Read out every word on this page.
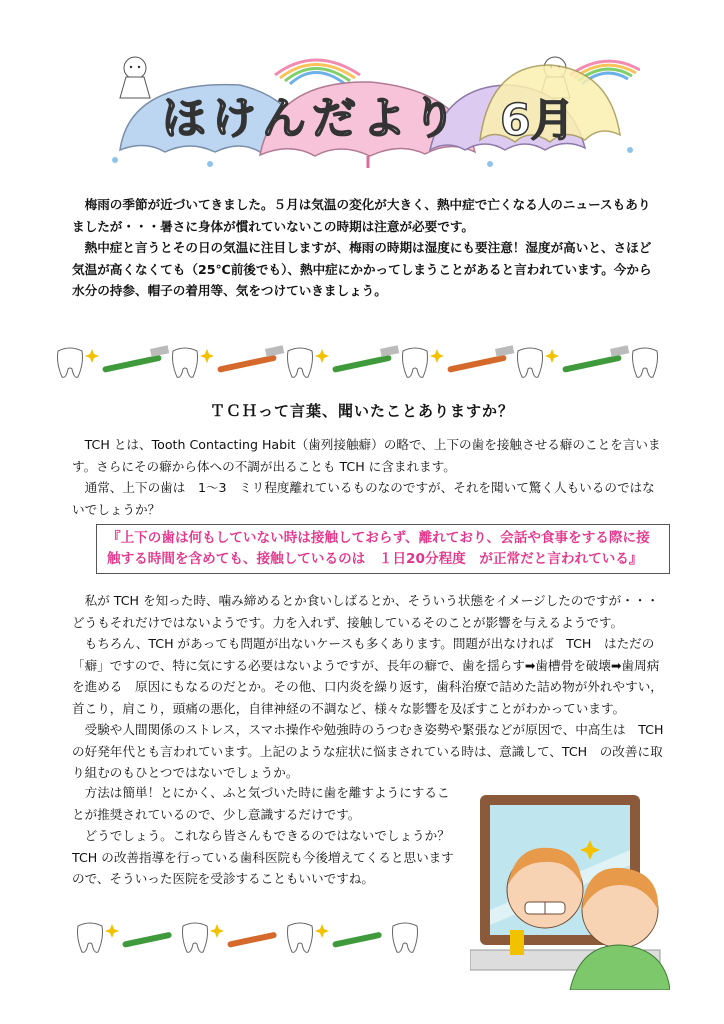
ほけんだより 6月

梅雨の季節が近づいてきました。５月は気温の変化が大きく、熱中症で亡くなる人のニュースもありましたが・・・暑さに身体が慣れていないこの時期は注意が必要です。

熱中症と言うとその日の気温に注目しますが、梅雨の時期は湿度にも要注意！湿度が高いと、さほど気温が高くなくても（25℃前後でも）、熱中症にかかってしまうことがあると言われています。今から水分の持参、帽子の着用等、気をつけていきましょう。

ＴＣＨって言葉、聞いたことありますか？

TCH とは、Tooth Contacting Habit（歯列接触癖）の略で、上下の歯を接触させる癖のことを言います。さらにその癖から体への不調が出ることも TCH に含まれます。

通常、上下の歯は　1～3　ミリ程度離れているものなのですが、それを聞いて驚く人もいるのではないでしょうか？

『上下の歯は何もしていない時は接触しておらず、離れており、会話や食事をする際に接触する時間を含めても、接触しているのは　１日20分程度　が正常だと言われている』

私が TCH を知った時、噛み締めるとか食いしばるとか、そういう状態をイメージしたのですが・・・どうもそれだけではないようです。力を入れず、接触しているそのことが影響を与えるようです。

もちろん、TCH があっても問題が出ないケースも多くあります。問題が出なければ　TCH　はただの「癖」ですので、特に気にする必要はないようですが、長年の癖で、歯を揺らす➡歯槽骨を破壊➡歯周病を進める　原因にもなるのだとか。その他、口内炎を繰り返す，歯科治療で詰めた詰め物が外れやすい，首こり，肩こり，頭痛の悪化，自律神経の不調など、様々な影響を及ぼすことがわかっています。

受験や人間関係のストレス，スマホ操作や勉強時のうつむき姿勢や緊張などが原因で、中高生は　TCH　の好発年代とも言われています。上記のような症状に悩まされている時は、意識して、TCH　の改善に取り組むのもひとつではないでしょうか。

方法は簡単！とにかく、ふと気づいた時に歯を離すようにすることが推奨されているので、少し意識するだけです。

どうでしょう。これなら皆さんもできるのではないでしょうか？TCH の改善指導を行っている歯科医院も今後増えてくると思いますので、そういった医院を受診することもいいですね。
